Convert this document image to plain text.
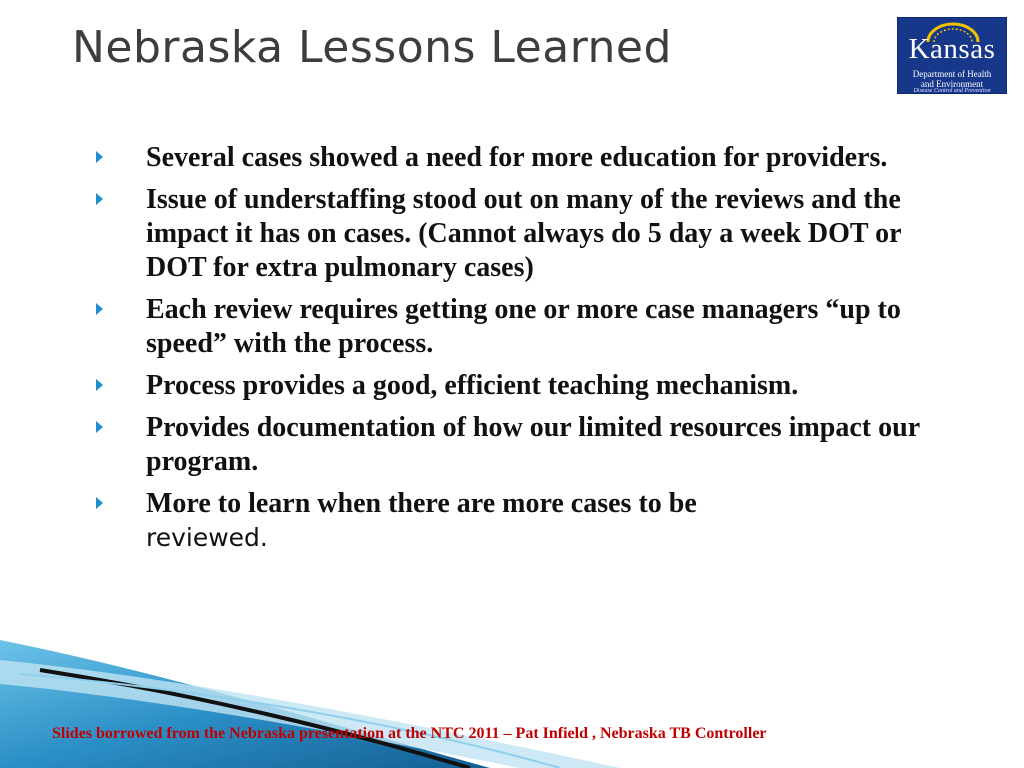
Nebraska Lessons Learned	Kansas
Department of Health
and Environment
Disease Control and Prevention
Several cases showed a need for more education for providers.
Issue of understaffing stood out on many of the reviews and the impact it has on cases. (Cannot always do 5 day a week DOT or DOT for extra pulmonary cases)
Each review requires getting one or more case managers “up to speed” with the process.
Process provides a good, efficient teaching mechanism.
Provides documentation of how our limited resources impact our program.
More to learn when there are more cases to be
reviewed.
Slides borrowed from the Nebraska presentation at the NTC 2011 – Pat Infield , Nebraska TB Controller
